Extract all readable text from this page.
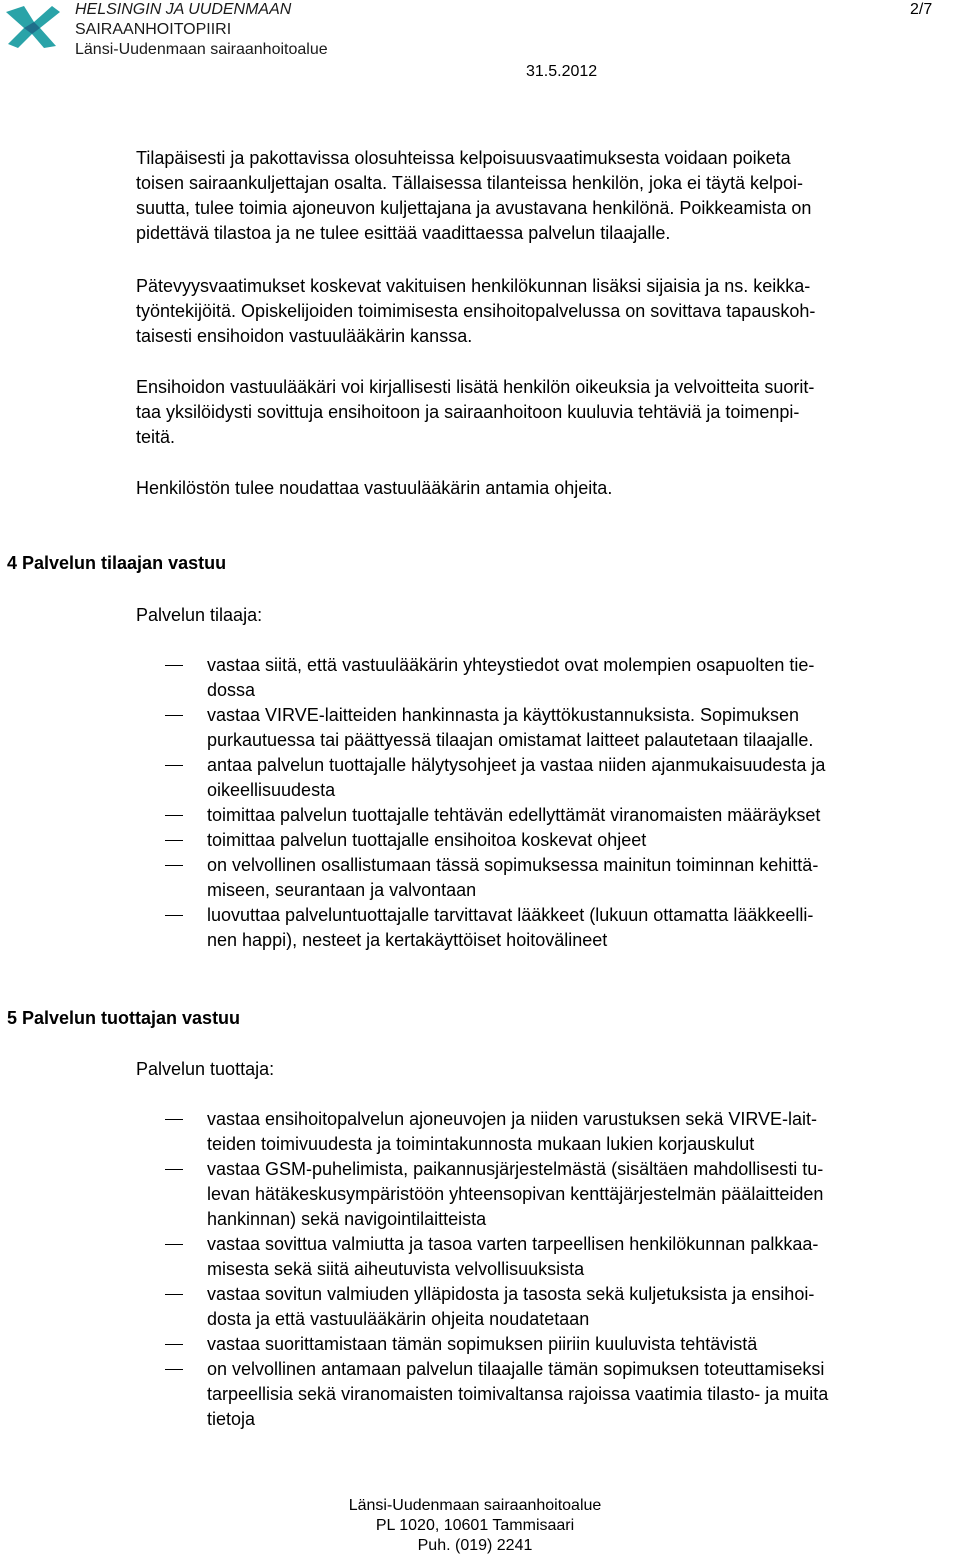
HELSINGIN JA UUDENMAAN
SAIRAANHOITOPIIRI
Länsi-Uudenmaan sairaanhoitoalue
2/7
31.5.2012
Tilapäisesti ja pakottavissa olosuhteissa kelpoisuusvaatimuksesta voidaan poiketa
toisen sairaankuljettajan osalta. Tällaisessa tilanteissa henkilön, joka ei täytä kelpoi-
suutta, tulee toimia ajoneuvon kuljettajana ja avustavana henkilönä. Poikkeamista on
pidettävä tilastoa ja ne tulee esittää vaadittaessa palvelun tilaajalle.
Pätevyysvaatimukset koskevat vakituisen henkilökunnan lisäksi sijaisia ja ns. keikka-
työntekijöitä. Opiskelijoiden toimimisesta ensihoitopalvelussa on sovittava tapauskoh-
taisesti ensihoidon vastuulääkärin kanssa.
Ensihoidon vastuulääkäri voi kirjallisesti lisätä henkilön oikeuksia ja velvoitteita suorit-
taa yksilöidysti sovittuja ensihoitoon ja sairaanhoitoon kuuluvia tehtäviä ja toimenpi-
teitä.
Henkilöstön tulee noudattaa vastuulääkärin antamia ohjeita.
4 Palvelun tilaajan vastuu
Palvelun tilaaja:
vastaa siitä, että vastuulääkärin yhteystiedot ovat molempien osapuolten tie-
dossa
vastaa VIRVE-laitteiden hankinnasta ja käyttökustannuksista. Sopimuksen
purkautuessa tai päättyessä tilaajan omistamat laitteet palautetaan tilaajalle.
antaa palvelun tuottajalle hälytysohjeet ja vastaa niiden ajanmukaisuudesta ja
oikeellisuudesta
toimittaa palvelun tuottajalle tehtävän edellyttämät viranomaisten määräykset
toimittaa palvelun tuottajalle ensihoitoa koskevat ohjeet
on velvollinen osallistumaan tässä sopimuksessa mainitun toiminnan kehittä-
miseen, seurantaan ja valvontaan
luovuttaa palveluntuottajalle tarvittavat lääkkeet (lukuun ottamatta lääkkeelli-
nen happi), nesteet ja kertakäyttöiset hoitovälineet
5 Palvelun tuottajan vastuu
Palvelun tuottaja:
vastaa ensihoitopalvelun ajoneuvojen ja niiden varustuksen sekä VIRVE-lait-
teiden toimivuudesta ja toimintakunnosta mukaan lukien korjauskulut
vastaa GSM-puhelimista, paikannusjärjestelmästä (sisältäen mahdollisesti tu-
levan hätäkeskusympäristöön yhteensopivan kenttäjärjestelmän päälaitteiden
hankinnan) sekä navigointilaitteista
vastaa sovittua valmiutta ja tasoa varten tarpeellisen henkilökunnan palkkaa-
misesta sekä siitä aiheutuvista velvollisuuksista
vastaa sovitun valmiuden ylläpidosta ja tasosta sekä kuljetuksista ja ensihoi-
dosta ja että vastuulääkärin ohjeita noudatetaan
vastaa suorittamistaan tämän sopimuksen piiriin kuuluvista tehtävistä
on velvollinen antamaan palvelun tilaajalle tämän sopimuksen toteuttamiseksi
tarpeellisia sekä viranomaisten toimivaltansa rajoissa vaatimia tilasto- ja muita
tietoja
Länsi-Uudenmaan sairaanhoitoalue
PL 1020, 10601 Tammisaari
Puh. (019) 2241
